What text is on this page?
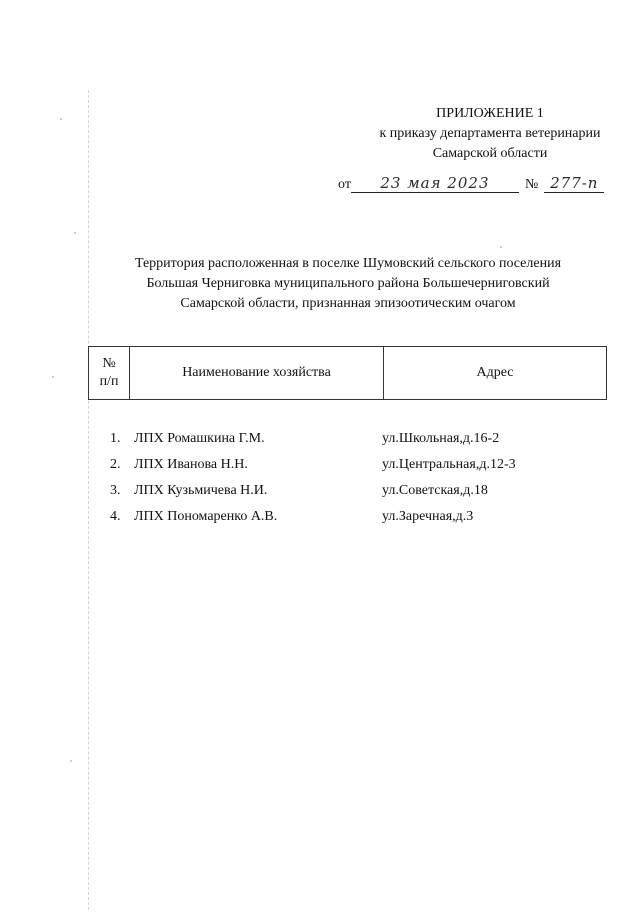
ПРИЛОЖЕНИЕ 1
к приказу департамента ветеринарии
Самарской области
от 23 мая 2023	№ 277-п
Территория расположенная в поселке Шумовский сельского поселения
Большая Черниговка муниципального района Большечерниговский
Самарской области, признанная эпизоотическим очагом
№
п/п
Наименование хозяйства	Адрес
1. ЛПХ Ромашкина Г.М.	ул.Школьная,д.16-2
2. ЛПХ Иванова Н.Н.	ул.Центральная,д.12-3
3. ЛПХ Кузьмичева Н.И.	ул.Советская,д.18
4. ЛПХ Пономаренко А.В.	ул.Заречная,д.3
